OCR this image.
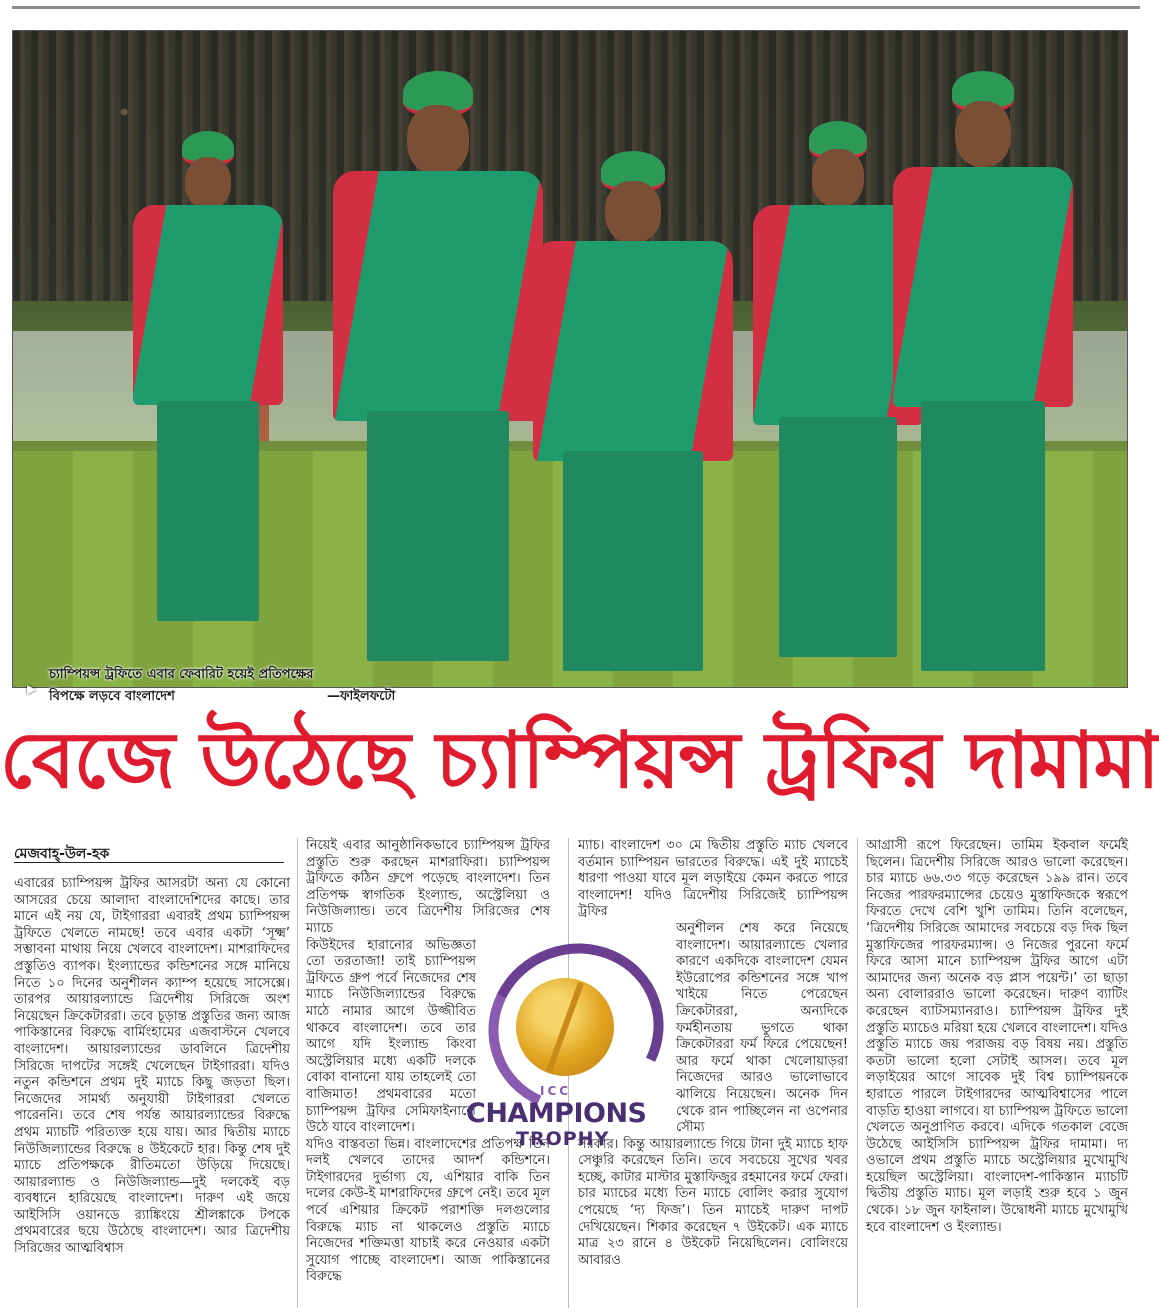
▶
চ্যাম্পিয়ন্স ট্রফিতে এবার ফেবারিট হয়েই প্রতিপক্ষের
বিপক্ষে লড়বে বাংলাদেশ	—ফাইলফটো
বেজে উঠেছে চ্যাম্পিয়ন্স ট্রফির দামামা
মেজবাহ্-উল-হক

এবারের চ্যাম্পিয়ন্স ট্রফির আসরটা অন্য যে কোনো আসরের চেয়ে আলাদা বাংলাদেশিদের কাছে। তার মানে এই নয় যে, টাইগাররা এবারই প্রথম চ্যাম্পিয়ন্স ট্রফিতে খেলতে নামছে! তবে এবার একটা ‘সূক্ষ্ম’ সম্ভাবনা মাথায় নিয়ে খেলবে বাংলাদেশ। মাশরাফিদের প্রস্তুতিও ব্যাপক। ইংল্যান্ডের কন্ডিশনের সঙ্গে মানিয়ে নিতে ১০ দিনের অনুশীলন ক্যাম্প হয়েছে সাসেক্সে। তারপর আয়ারল্যান্ডে ত্রিদেশীয় সিরিজে অংশ নিয়েছেন ক্রিকেটাররা। তবে চূড়ান্ত প্রস্তুতির জন্য আজ পাকিস্তানের বিরুদ্ধে বার্মিংহামের এজবাস্টনে খেলবে বাংলাদেশ। আয়ারল্যান্ডের ডাবলিনে ত্রিদেশীয় সিরিজে দাপটের সঙ্গেই খেলেছেন টাইগাররা। যদিও নতুন কন্ডিশনে প্রথম দুই ম্যাচে কিছু জড়তা ছিল। নিজেদের সামর্থ্য অনুযায়ী টাইগাররা খেলতে পারেননি। তবে শেষ পর্যন্ত আয়ারল্যান্ডের বিরুদ্ধে প্রথম ম্যাচটি পরিত্যক্ত হয়ে যায়। আর দ্বিতীয় ম্যাচে নিউজিল্যান্ডের বিরুদ্ধে ৪ উইকেটে হার। কিন্তু শেষ দুই ম্যাচে প্রতিপক্ষকে রীতিমতো উড়িয়ে দিয়েছে। আয়ারল্যান্ড ও নিউজিল্যান্ড—দুই দলকেই বড় ব্যবধানে হারিয়েছে বাংলাদেশ। দারুণ এই জয়ে আইসিসি ওয়ানডে র‌্যাঙ্কিংয়ে শ্রীলঙ্কাকে টপকে প্রথমবারের ছয়ে উঠেছে বাংলাদেশ। আর ত্রিদেশীয় সিরিজের আত্মবিশ্বাস

নিয়েই এবার আনুষ্ঠানিকভাবে চ্যাম্পিয়ন্স ট্রফির প্রস্তুতি শুরু করছেন মাশরাফিরা। চ্যাম্পিয়ন্স ট্রফিতে কঠিন গ্রুপে পড়েছে বাংলাদেশ। তিন প্রতিপক্ষ স্বাগতিক ইংল্যান্ড, অস্ট্রেলিয়া ও নিউজিল্যান্ড। তবে ত্রিদেশীয় সিরিজের শেষ ম্যাচে

কিউইদের হারানোর অভিজ্ঞতা তো তরতাজা! তাই চ্যাম্পিয়ন্স ট্রফিতে গ্রুপ পর্বে নিজেদের শেষ ম্যাচে নিউজিল্যান্ডের বিরুদ্ধে মাঠে নামার আগে উজ্জীবিত থাকবে বাংলাদেশ। তবে তার আগে যদি ইংল্যান্ড কিংবা অস্ট্রেলিয়ার মধ্যে একটি দলকে বোকা বানানো যায় তাহলেই তো বাজিমাত! প্রথমবারের মতো চ্যাম্পিয়ন্স ট্রফির সেমিফাইনালে উঠে যাবে বাংলাদেশ।

যদিও বাস্তবতা ভিন্ন। বাংলাদেশের প্রতিপক্ষ তিন দলই খেলবে তাদের আদর্শ কন্ডিশনে। টাইগারদের দুর্ভাগ্য যে, এশিয়ার বাকি তিন দলের কেউ-ই মাশরাফিদের গ্রুপে নেই। তবে মূল পর্বে এশিয়ার ক্রিকেট পরাশক্তি দলগুলোর বিরুদ্ধে ম্যাচ না থাকলেও প্রস্তুতি ম্যাচে নিজেদের শক্তিমত্তা যাচাই করে নেওয়ার একটা সুযোগ পাচ্ছে বাংলাদেশ। আজ পাকিস্তানের বিরুদ্ধে

ম্যাচ। বাংলাদেশ ৩০ মে দ্বিতীয় প্রস্তুতি ম্যাচ খেলবে বর্তমান চ্যাম্পিয়ন ভারতের বিরুদ্ধে। এই দুই ম্যাচেই ধারণা পাওয়া যাবে মূল লড়াইয়ে কেমন করতে পারে বাংলাদেশ! যদিও ত্রিদেশীয় সিরিজেই চ্যাম্পিয়ন্স ট্রফির

অনুশীলন শেষ করে নিয়েছে বাংলাদেশ। আয়ারল্যান্ডে খেলার কারণে একদিকে বাংলাদেশ যেমন ইউরোপের কন্ডিশনের সঙ্গে খাপ খাইয়ে নিতে পেরেছেন ক্রিকেটাররা, অন্যদিকে ফর্মহীনতায় ভুগতে থাকা ক্রিকেটাররা ফর্ম ফিরে পেয়েছেন! আর ফর্মে থাকা খেলোয়াড়রা নিজেদের আরও ভালোভাবে ঝালিয়ে নিয়েছেন। অনেক দিন থেকে রান পাচ্ছিলেন না ওপেনার সৌম্য

সরকার। কিন্তু আয়ারল্যান্ডে গিয়ে টানা দুই ম্যাচে হাফ সেঞ্চুরি করেছেন তিনি। তবে সবচেয়ে সুখের খবর হচ্ছে, কাটার মাস্টার মুস্তাফিজুর রহমানের ফর্মে ফেরা। চার ম্যাচের মধ্যে তিন ম্যাচে বোলিং করার সুযোগ পেয়েছে ‘দ্য ফিজ’। তিন ম্যাচেই দারুণ দাপট দেখিয়েছেন। শিকার করেছেন ৭ উইকেট। এক ম্যাচে মাত্র ২৩ রানে ৪ উইকেট নিয়েছিলেন। বোলিংয়ে আবারও

আগ্রাসী রূপে ফিরেছেন। তামিম ইকবাল ফর্মেই ছিলেন। ত্রিদেশীয় সিরিজে আরও ভালো করেছেন। চার ম্যাচে ৬৬.৩৩ গড়ে করেছেন ১৯৯ রান। তবে নিজের পারফরম্যান্সের চেয়েও মুস্তাফিজকে স্বরূপে ফিরতে দেখে বেশি খুশি তামিম। তিনি বলেছেন, ‘ত্রিদেশীয় সিরিজে আমাদের সবচেয়ে বড় দিক ছিল মুস্তাফিজের পারফরম্যান্স। ও নিজের পুরনো ফর্মে ফিরে আসা মানে চ্যাম্পিয়ন্স ট্রফির আগে এটা আমাদের জন্য অনেক বড় প্লাস পয়েন্ট।’ তা ছাড়া অন্য বোলাররাও ভালো করেছেন। দারুণ ব্যাটিং করেছেন ব্যাটসম্যানরাও। চ্যাম্পিয়ন্স ট্রফির দুই প্রস্তুতি ম্যাচেও মরিয়া হয়ে খেলবে বাংলাদেশ। যদিও প্রস্তুতি ম্যাচে জয় পরাজয় বড় বিষয় নয়। প্রস্তুতি কতটা ভালো হলো সেটাই আসল। তবে মূল লড়াইয়ের আগে সাবেক দুই বিশ্ব চ্যাম্পিয়নকে হারাতে পারলে টাইগারদের আত্মবিশ্বাসের পালে বাড়তি হাওয়া লাগবে। যা চ্যাম্পিয়ন্স ট্রফিতে ভালো খেলতে অনুপ্রাণিত করবে। এদিকে গতকাল বেজে উঠেছে আইসিসি চ্যাম্পিয়ন্স ট্রফির দামামা। দ্য ওভালে প্রথম প্রস্তুতি ম্যাচে অস্ট্রেলিয়ার মুখোমুখি হয়েছিল অস্ট্রেলিয়া। বাংলাদেশ-পাকিস্তান ম্যাচটি দ্বিতীয় প্রস্তুতি ম্যাচ। মূল লড়াই শুরু হবে ১ জুন থেকে। ১৮ জুন ফাইনাল। উদ্বোধনী ম্যাচে মুখোমুখি হবে বাংলাদেশ ও ইংল্যান্ড।

ICC
CHAMPIONS
TROPHY
